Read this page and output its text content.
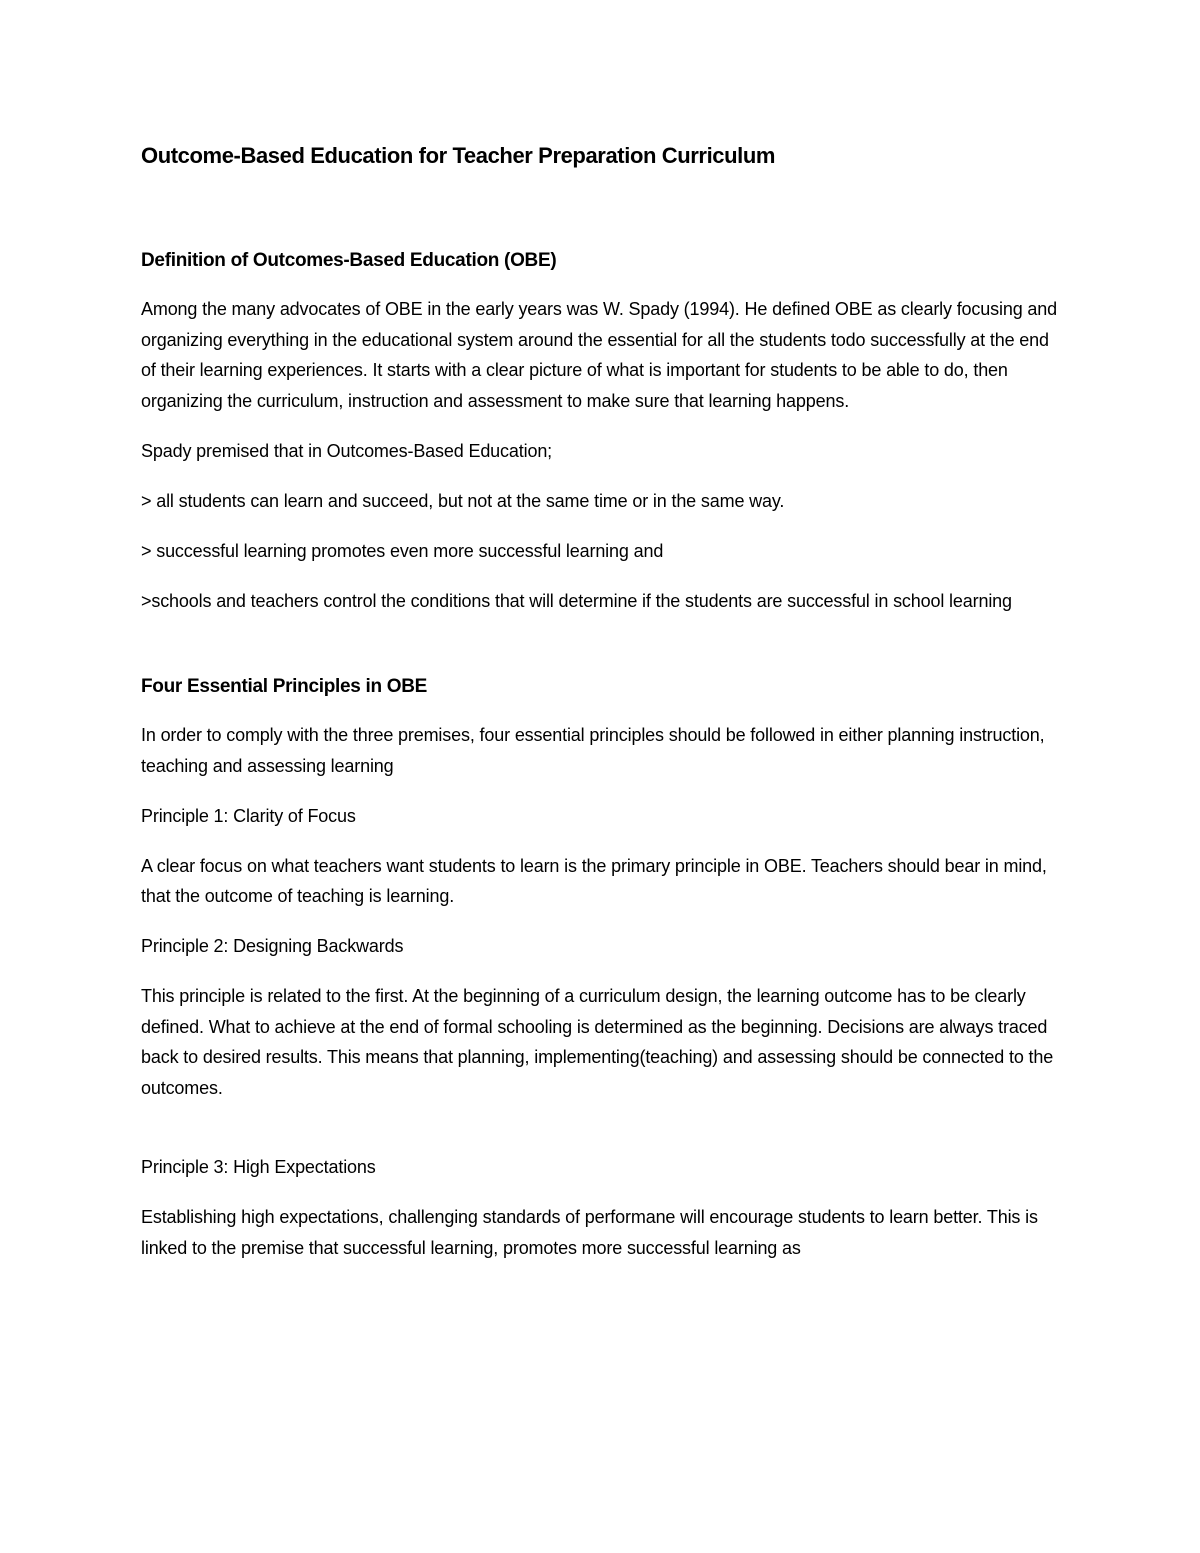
Outcome-Based Education for Teacher Preparation Curriculum
Definition of Outcomes-Based Education (OBE)

Among the many advocates of OBE in the early years was W. Spady (1994). He defined OBE as clearly focusing and organizing everything in the educational system around the essential for all the students todo successfully at the end of their learning experiences. It starts with a clear picture of what is important for students to be able to do, then organizing the curriculum, instruction and assessment to make sure that learning happens.

Spady premised that in Outcomes-Based Education;

> all students can learn and succeed, but not at the same time or in the same way.

> successful learning promotes even more successful learning and

>schools and teachers control the conditions that will determine if the students are successful in school learning

Four Essential Principles in OBE

In order to comply with the three premises, four essential principles should be followed in either planning instruction, teaching and assessing learning

Principle 1: Clarity of Focus

A clear focus on what teachers want students to learn is the primary principle in OBE. Teachers should bear in mind, that the outcome of teaching is learning.

Principle 2: Designing Backwards

This principle is related to the first. At the beginning of a curriculum design, the learning outcome has to be clearly defined. What to achieve at the end of formal schooling is determined as the beginning. Decisions are always traced back to desired results. This means that planning, implementing(teaching) and assessing should be connected to the outcomes.

Principle 3: High Expectations

Establishing high expectations, challenging standards of performane will encourage students to learn better. This is linked to the premise that successful learning, promotes more successful learning as
